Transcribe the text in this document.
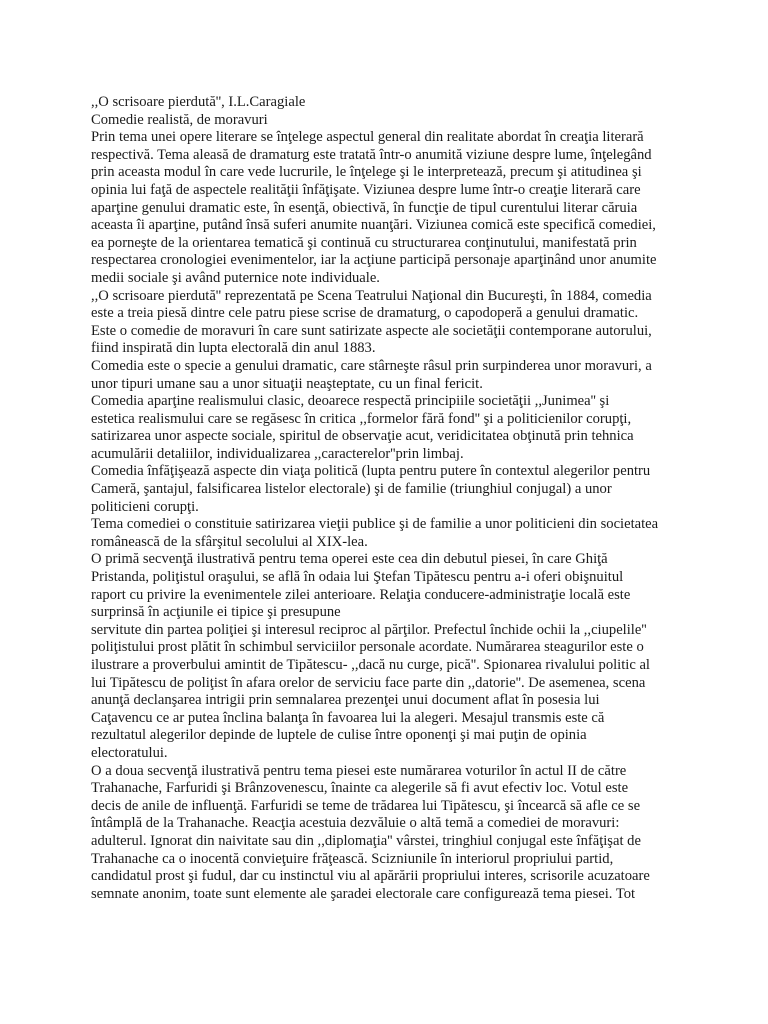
,,O scrisoare pierdută'', I.L.Caragiale
Comedie realistă, de moravuri
Prin tema unei opere literare se înţelege aspectul general din realitate abordat în creaţia literară
respectivă. Tema aleasă de dramaturg este tratată într-o anumită viziune despre lume, înţelegând
prin aceasta modul în care vede lucrurile, le înţelege şi le interpretează, precum şi atitudinea şi
opinia lui faţă de aspectele realităţii înfăţişate. Viziunea despre lume într-o creaţie literară care
aparţine genului dramatic este, în esenţă, obiectivă, în funcţie de tipul curentului literar căruia
aceasta îi aparţine, putând însă suferi anumite nuanţări. Viziunea comică este specifică comediei,
ea porneşte de la orientarea tematică şi continuă cu structurarea conţinutului, manifestată prin
respectarea cronologiei evenimentelor, iar la acţiune participă personaje aparţinând unor anumite
medii sociale şi având puternice note individuale.
,,O scrisoare pierdută'' reprezentată pe Scena Teatrului Naţional din Bucureşti, în 1884, comedia
este a treia piesă dintre cele patru piese scrise de dramaturg, o capodoperă a genului dramatic.
Este o comedie de moravuri în care sunt satirizate aspecte ale societăţii contemporane autorului,
fiind inspirată din lupta electorală din anul 1883.
Comedia este o specie a genului dramatic, care stârneşte râsul prin surpinderea unor moravuri, a
unor tipuri umane sau a unor situaţii neaşteptate, cu un final fericit.
Comedia aparţine realismului clasic, deoarece respectă principiile societăţii ,,Junimea'' şi
estetica realismului care se regăsesc în critica ,,formelor fără fond'' şi a politicienilor corupţi,
satirizarea unor aspecte sociale, spiritul de observaţie acut, veridicitatea obţinută prin tehnica
acumulării detaliilor, individualizarea ,,caracterelor''prin limbaj.
Comedia înfăţişează aspecte din viaţa politică (lupta pentru putere în contextul alegerilor pentru
Cameră, şantajul, falsificarea listelor electorale) şi de familie (triunghiul conjugal) a unor
politicieni corupţi.
Tema comediei o constituie satirizarea vieţii publice şi de familie a unor politicieni din societatea
românească de la sfârşitul secolului al XIX-lea.
O primă secvenţă ilustrativă pentru tema operei este cea din debutul piesei, în care Ghiţă
Pristanda, poliţistul oraşului, se află în odaia lui Ştefan Tipătescu pentru a-i oferi obişnuitul
raport cu privire la evenimentele zilei anterioare. Relaţia conducere-administraţie locală este
surprinsă în acţiunile ei tipice şi presupune
servitute din partea poliţiei şi interesul reciproc al părţilor. Prefectul închide ochii la ,,ciupelile''
poliţistului prost plătit în schimbul serviciilor personale acordate. Numărarea steagurilor este o
ilustrare a proverbului amintit de Tipătescu- ,,dacă nu curge, pică''. Spionarea rivalului politic al
lui Tipătescu de poliţist în afara orelor de serviciu face parte din ,,datorie''. De asemenea, scena
anunţă declanşarea intrigii prin semnalarea prezenţei unui document aflat în posesia lui
Caţavencu ce ar putea înclina balanţa în favoarea lui la alegeri. Mesajul transmis este că
rezultatul alegerilor depinde de luptele de culise între oponenţi şi mai puţin de opinia
electoratului.
O a doua secvenţă ilustrativă pentru tema piesei este numărarea voturilor în actul II de către
Trahanache, Farfuridi şi Brânzovenescu, înainte ca alegerile să fi avut efectiv loc. Votul este
decis de anile de influenţă. Farfuridi se teme de trădarea lui Tipătescu, şi încearcă să afle ce se
întâmplă de la Trahanache. Reacţia acestuia dezvăluie o altă temă a comediei de moravuri:
adulterul. Ignorat din naivitate sau din ,,diplomaţia'' vârstei, tringhiul conjugal este înfăţişat de
Trahanache ca o inocentă convieţuire frăţească. Scizniunile în interiorul propriului partid,
candidatul prost şi fudul, dar cu instinctul viu al apărării propriului interes, scrisorile acuzatoare
semnate anonim, toate sunt elemente ale şaradei electorale care configurează tema piesei. Tot
